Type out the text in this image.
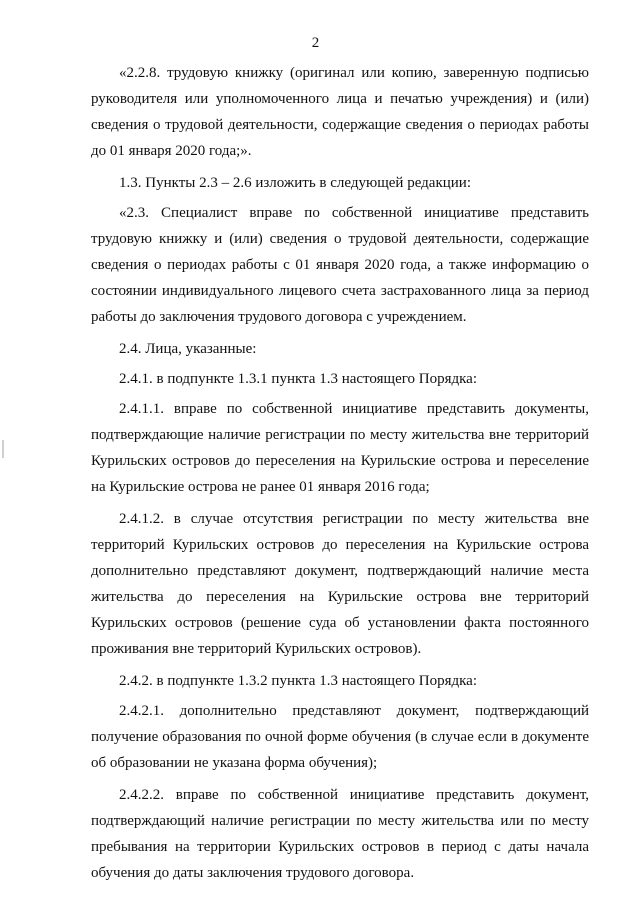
2

«2.2.8. трудовую книжку (оригинал или копию, заверенную подписью руководителя или уполномоченного лица и печатью учреждения) и (или) сведения о трудовой деятельности, содержащие сведения о периодах работы до 01 января 2020 года;».

1.3. Пункты 2.3 – 2.6 изложить в следующей редакции:

«2.3. Специалист вправе по собственной инициативе представить трудовую книжку и (или) сведения о трудовой деятельности, содержащие сведения о периодах работы с 01 января 2020 года, а также информацию о состоянии индивидуального лицевого счета застрахованного лица за период работы до заключения трудового договора с учреждением.

2.4. Лица, указанные:

2.4.1. в подпункте 1.3.1 пункта 1.3 настоящего Порядка:

2.4.1.1. вправе по собственной инициативе представить документы, подтверждающие наличие регистрации по месту жительства вне территорий Курильских островов до переселения на Курильские острова и переселение на Курильские острова не ранее 01 января 2016 года;

2.4.1.2. в случае отсутствия регистрации по месту жительства вне территорий Курильских островов до переселения на Курильские острова дополнительно представляют документ, подтверждающий наличие места жительства до переселения на Курильские острова вне территорий Курильских островов (решение суда об установлении факта постоянного проживания вне территорий Курильских островов).

2.4.2. в подпункте 1.3.2 пункта 1.3 настоящего Порядка:

2.4.2.1. дополнительно представляют документ, подтверждающий получение образования по очной форме обучения (в случае если в документе об образовании не указана форма обучения);

2.4.2.2. вправе по собственной инициативе представить документ, подтверждающий наличие регистрации по месту жительства или по месту пребывания на территории Курильских островов в период с даты начала обучения до даты заключения трудового договора.
